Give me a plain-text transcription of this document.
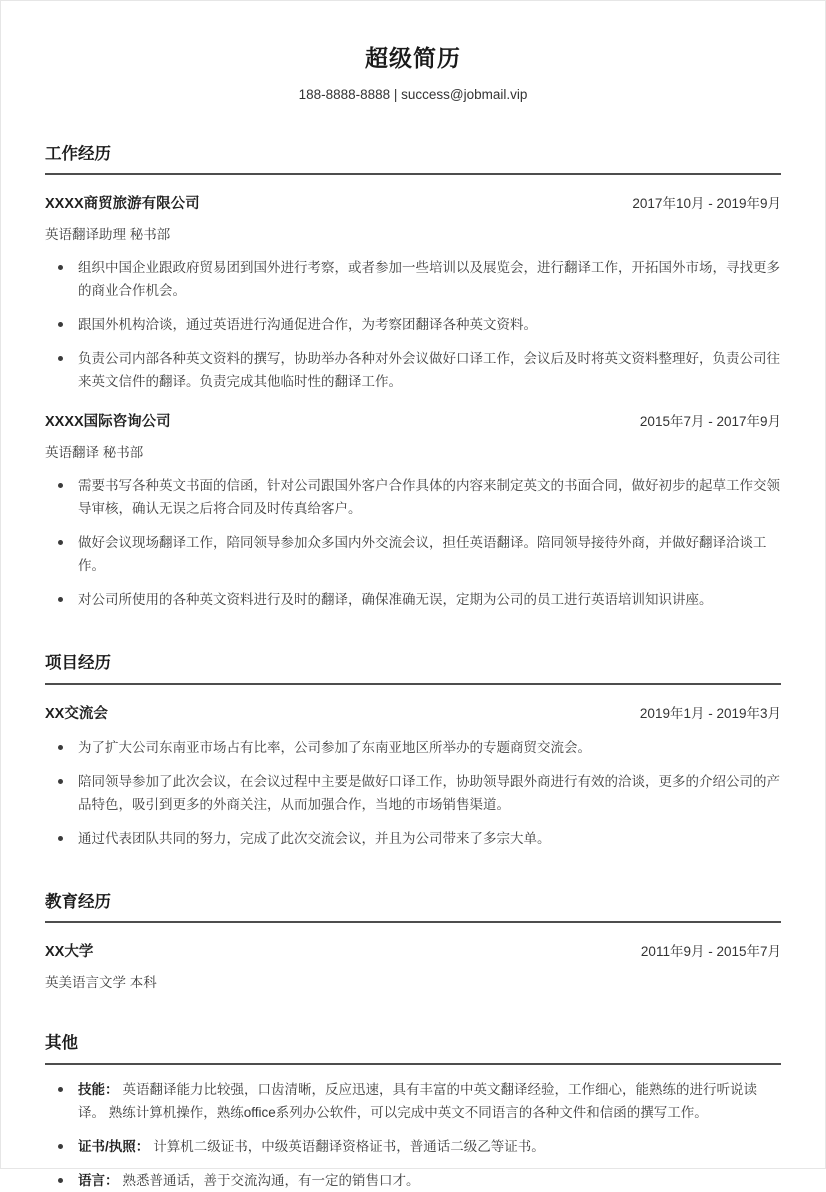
超级简历
188-8888-8888 | success@jobmail.vip
工作经历
XXXX商贸旅游有限公司	2017年10月 - 2019年9月
英语翻译助理 秘书部
组织中国企业跟政府贸易团到国外进行考察，或者参加一些培训以及展览会，进行翻译工作，开拓国外市场，寻找更多的商业合作机会。
跟国外机构洽谈，通过英语进行沟通促进合作，为考察团翻译各种英文资料。
负责公司内部各种英文资料的撰写，协助举办各种对外会议做好口译工作，会议后及时将英文资料整理好，负责公司往来英文信件的翻译。负责完成其他临时性的翻译工作。
XXXX国际咨询公司	2015年7月 - 2017年9月
英语翻译 秘书部
需要书写各种英文书面的信函，针对公司跟国外客户合作具体的内容来制定英文的书面合同，做好初步的起草工作交领导审核，确认无误之后将合同及时传真给客户。
做好会议现场翻译工作，陪同领导参加众多国内外交流会议，担任英语翻译。陪同领导接待外商，并做好翻译洽谈工作。
对公司所使用的各种英文资料进行及时的翻译，确保准确无误，定期为公司的员工进行英语培训知识讲座。
项目经历
XX交流会	2019年1月 - 2019年3月
为了扩大公司东南亚市场占有比率，公司参加了东南亚地区所举办的专题商贸交流会。
陪同领导参加了此次会议，在会议过程中主要是做好口译工作，协助领导跟外商进行有效的洽谈，更多的介绍公司的产品特色，吸引到更多的外商关注，从而加强合作，当地的市场销售渠道。
通过代表团队共同的努力，完成了此次交流会议，并且为公司带来了多宗大单。
教育经历
XX大学	2011年9月 - 2015年7月
英美语言文学 本科
其他
技能： 英语翻译能力比较强，口齿清晰，反应迅速，具有丰富的中英文翻译经验，工作细心，能熟练的进行听说读译。 熟练计算机操作，熟练office系列办公软件，可以完成中英文不同语言的各种文件和信函的撰写工作。
证书/执照： 计算机二级证书，中级英语翻译资格证书，普通话二级乙等证书。
语言： 熟悉普通话，善于交流沟通，有一定的销售口才。
